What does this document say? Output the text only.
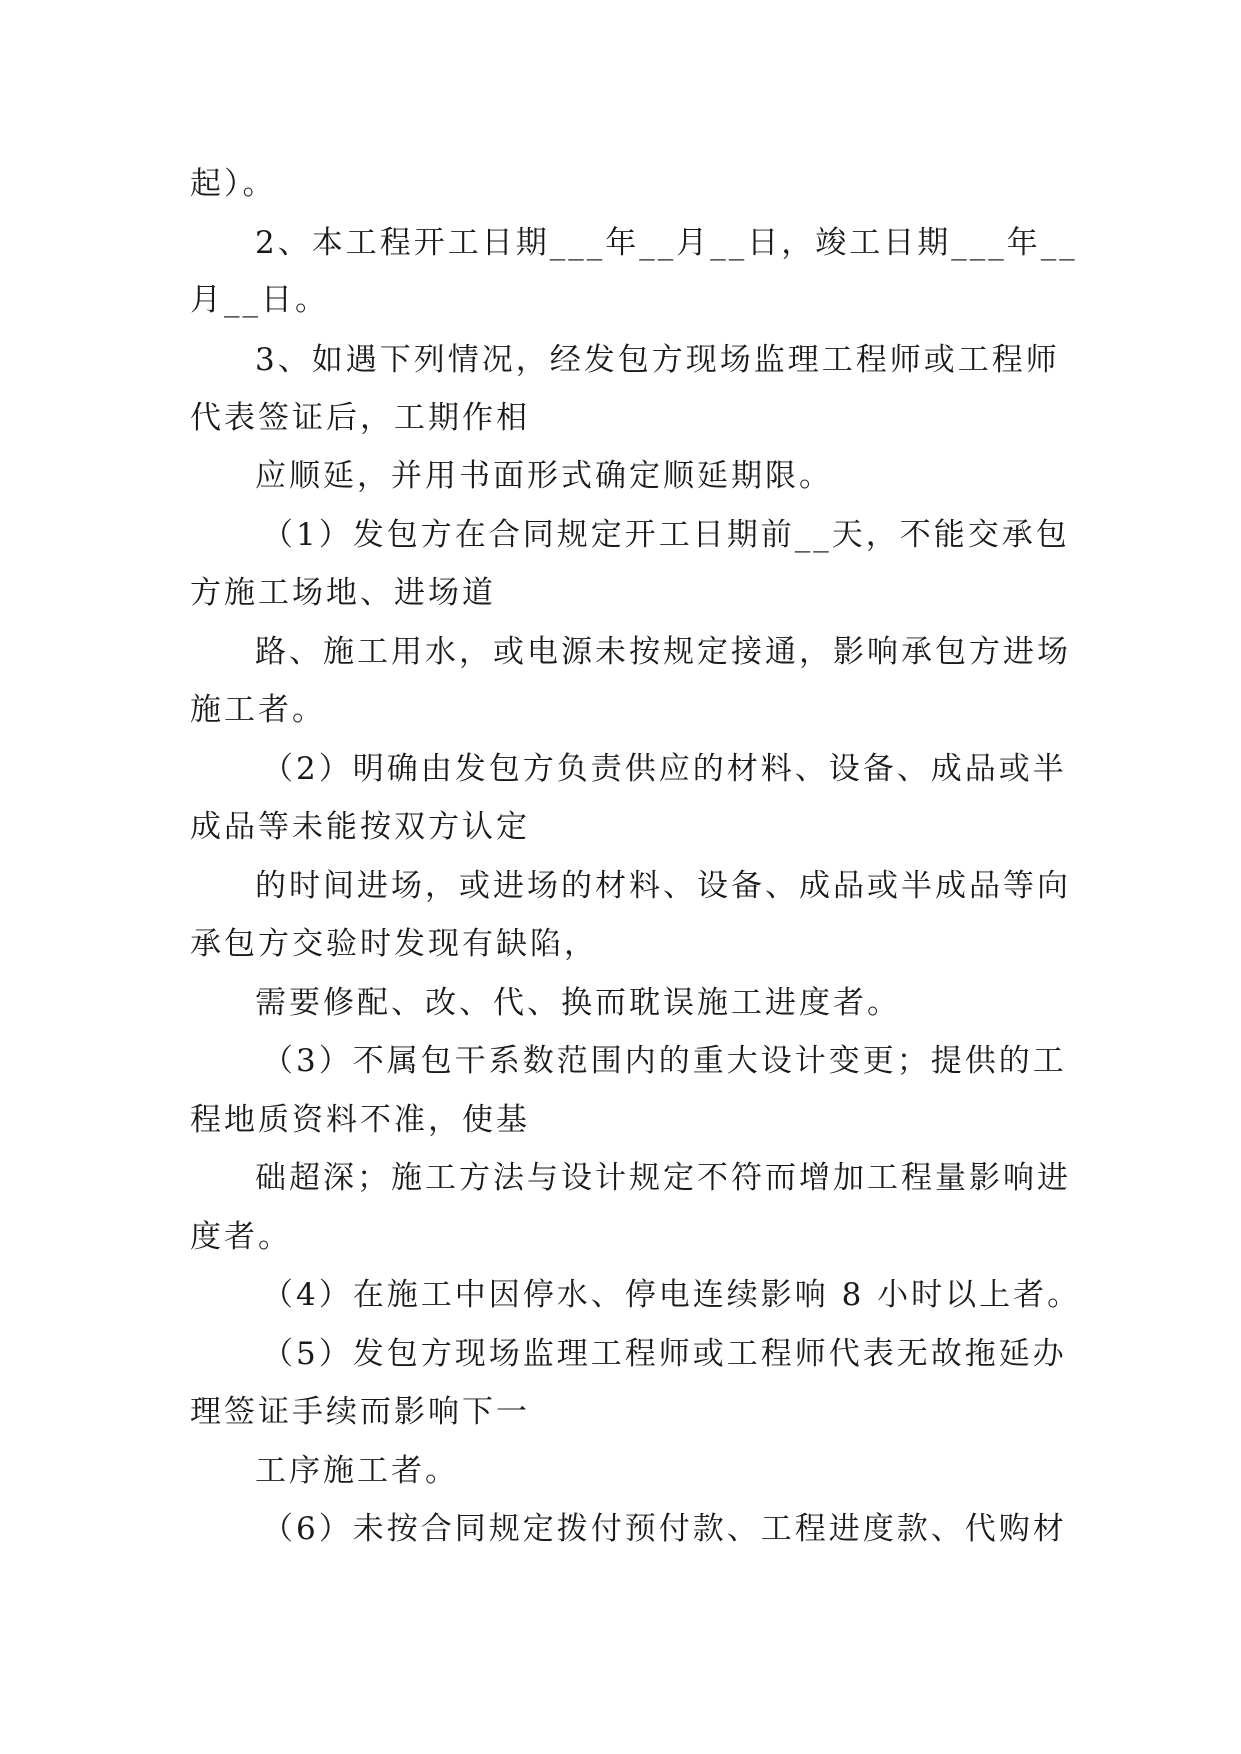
起）。
2、本工程开工日期___年__月__日，竣工日期___年__
月__日。
3、如遇下列情况，经发包方现场监理工程师或工程师
代表签证后，工期作相
应顺延，并用书面形式确定顺延期限。
（1）发包方在合同规定开工日期前__天，不能交承包
方施工场地、进场道
路、施工用水，或电源未按规定接通，影响承包方进场
施工者。
（2）明确由发包方负责供应的材料、设备、成品或半
成品等未能按双方认定
的时间进场，或进场的材料、设备、成品或半成品等向
承包方交验时发现有缺陷，
需要修配、改、代、换而耽误施工进度者。
（3）不属包干系数范围内的重大设计变更；提供的工
程地质资料不准，使基
础超深；施工方法与设计规定不符而增加工程量影响进
度者。
（4）在施工中因停水、停电连续影响 8 小时以上者。
（5）发包方现场监理工程师或工程师代表无故拖延办
理签证手续而影响下一
工序施工者。
（6）未按合同规定拨付预付款、工程进度款、代购材
